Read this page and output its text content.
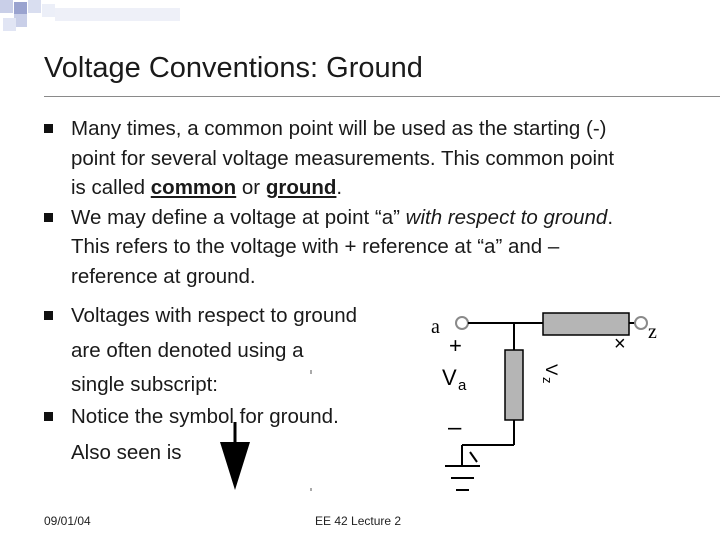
Voltage Conventions: Ground
Many times, a common point will be used as the starting (-)
point for several voltage measurements. This common point
is called common or ground.
We may define a voltage at point “a” with respect to ground.
This refers to the voltage with + reference at “a” and –
reference at ground.
Voltages with respect to ground
are often denoted using a
single subscript:
Notice the symbol for ground.
Also seen is
a	z
+	×
V a
–
V
z
09/01/04	EE 42 Lecture 2
